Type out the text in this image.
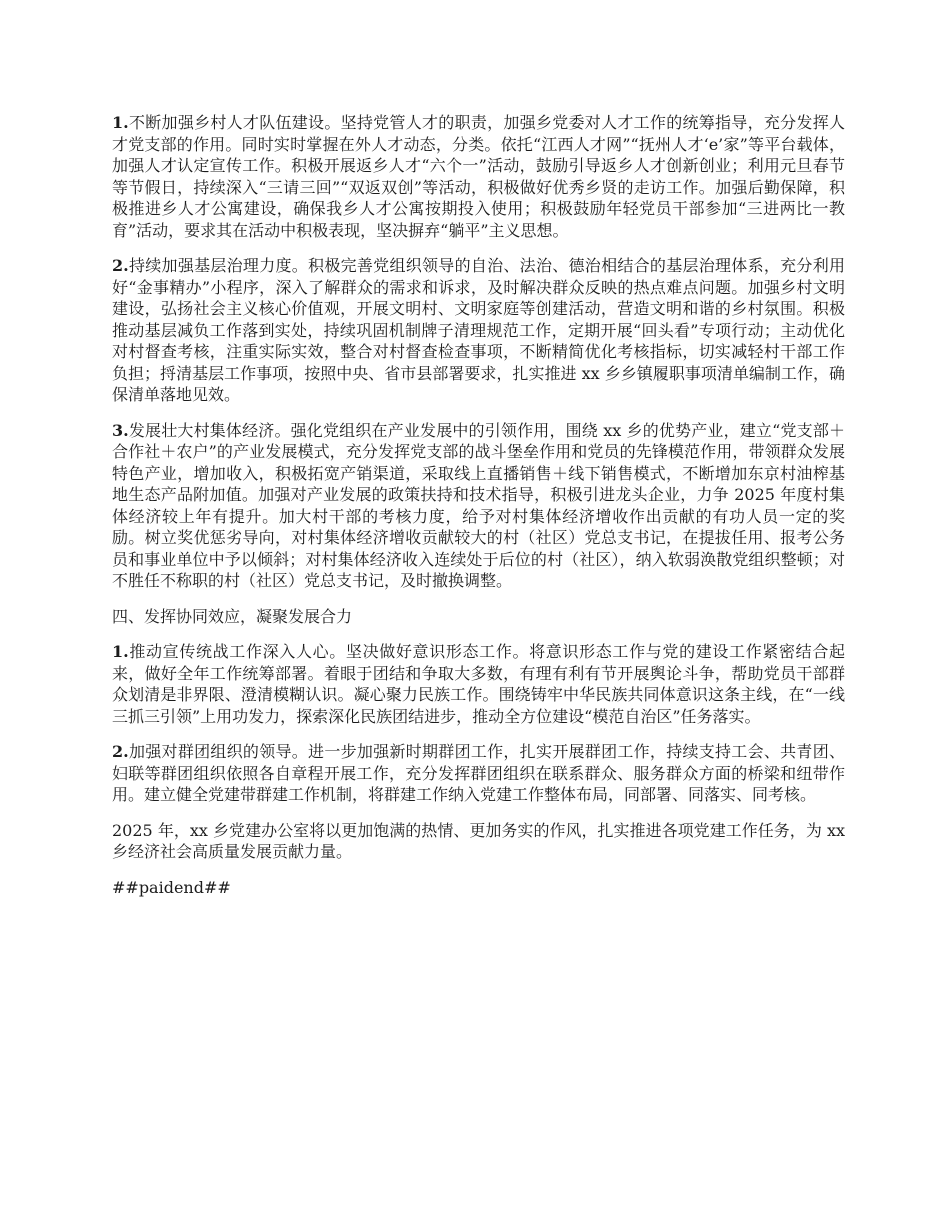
1.不断加强乡村人才队伍建设。坚持党管人才的职责，加强乡党委对人才工作的统筹指导，充分发挥人才党支部的作用。同时实时掌握在外人才动态，分类。依托“江西人才网”“抚州人才‘e’家”等平台载体，加强人才认定宣传工作。积极开展返乡人才“六个一”活动，鼓励引导返乡人才创新创业；利用元旦春节等节假日，持续深入“三请三回”“双返双创”等活动，积极做好优秀乡贤的走访工作。加强后勤保障，积极推进乡人才公寓建设，确保我乡人才公寓按期投入使用；积极鼓励年轻党员干部参加“三进两比一教育”活动，要求其在活动中积极表现，坚决摒弃“躺平”主义思想。

2.持续加强基层治理力度。积极完善党组织领导的自治、法治、德治相结合的基层治理体系，充分利用好“金事精办”小程序，深入了解群众的需求和诉求，及时解决群众反映的热点难点问题。加强乡村文明建设，弘扬社会主义核心价值观，开展文明村、文明家庭等创建活动，营造文明和谐的乡村氛围。积极推动基层减负工作落到实处，持续巩固机制牌子清理规范工作，定期开展“回头看”专项行动；主动优化对村督查考核，注重实际实效，整合对村督查检查事项，不断精简优化考核指标，切实减轻村干部工作负担；捋清基层工作事项，按照中央、省市县部署要求，扎实推进 xx 乡乡镇履职事项清单编制工作，确保清单落地见效。

3.发展壮大村集体经济。强化党组织在产业发展中的引领作用，围绕 xx 乡的优势产业，建立“党支部＋合作社＋农户”的产业发展模式，充分发挥党支部的战斗堡垒作用和党员的先锋模范作用，带领群众发展特色产业，增加收入，积极拓宽产销渠道，采取线上直播销售＋线下销售模式，不断增加东京村油榨基地生态产品附加值。加强对产业发展的政策扶持和技术指导，积极引进龙头企业，力争 2025 年度村集体经济较上年有提升。加大村干部的考核力度，给予对村集体经济增收作出贡献的有功人员一定的奖励。树立奖优惩劣导向，对村集体经济增收贡献较大的村（社区）党总支书记，在提拔任用、报考公务员和事业单位中予以倾斜；对村集体经济收入连续处于后位的村（社区），纳入软弱涣散党组织整顿；对不胜任不称职的村（社区）党总支书记，及时撤换调整。

四、发挥协同效应，凝聚发展合力

1.推动宣传统战工作深入人心。坚决做好意识形态工作。将意识形态工作与党的建设工作紧密结合起来，做好全年工作统筹部署。着眼于团结和争取大多数，有理有利有节开展舆论斗争，帮助党员干部群众划清是非界限、澄清模糊认识。凝心聚力民族工作。围绕铸牢中华民族共同体意识这条主线，在“一线三抓三引领”上用功发力，探索深化民族团结进步，推动全方位建设“模范自治区”任务落实。

2.加强对群团组织的领导。进一步加强新时期群团工作，扎实开展群团工作，持续支持工会、共青团、妇联等群团组织依照各自章程开展工作，充分发挥群团组织在联系群众、服务群众方面的桥梁和纽带作用。建立健全党建带群建工作机制，将群建工作纳入党建工作整体布局，同部署、同落实、同考核。

2025 年，xx 乡党建办公室将以更加饱满的热情、更加务实的作风，扎实推进各项党建工作任务，为 xx 乡经济社会高质量发展贡献力量。

##paidend##
